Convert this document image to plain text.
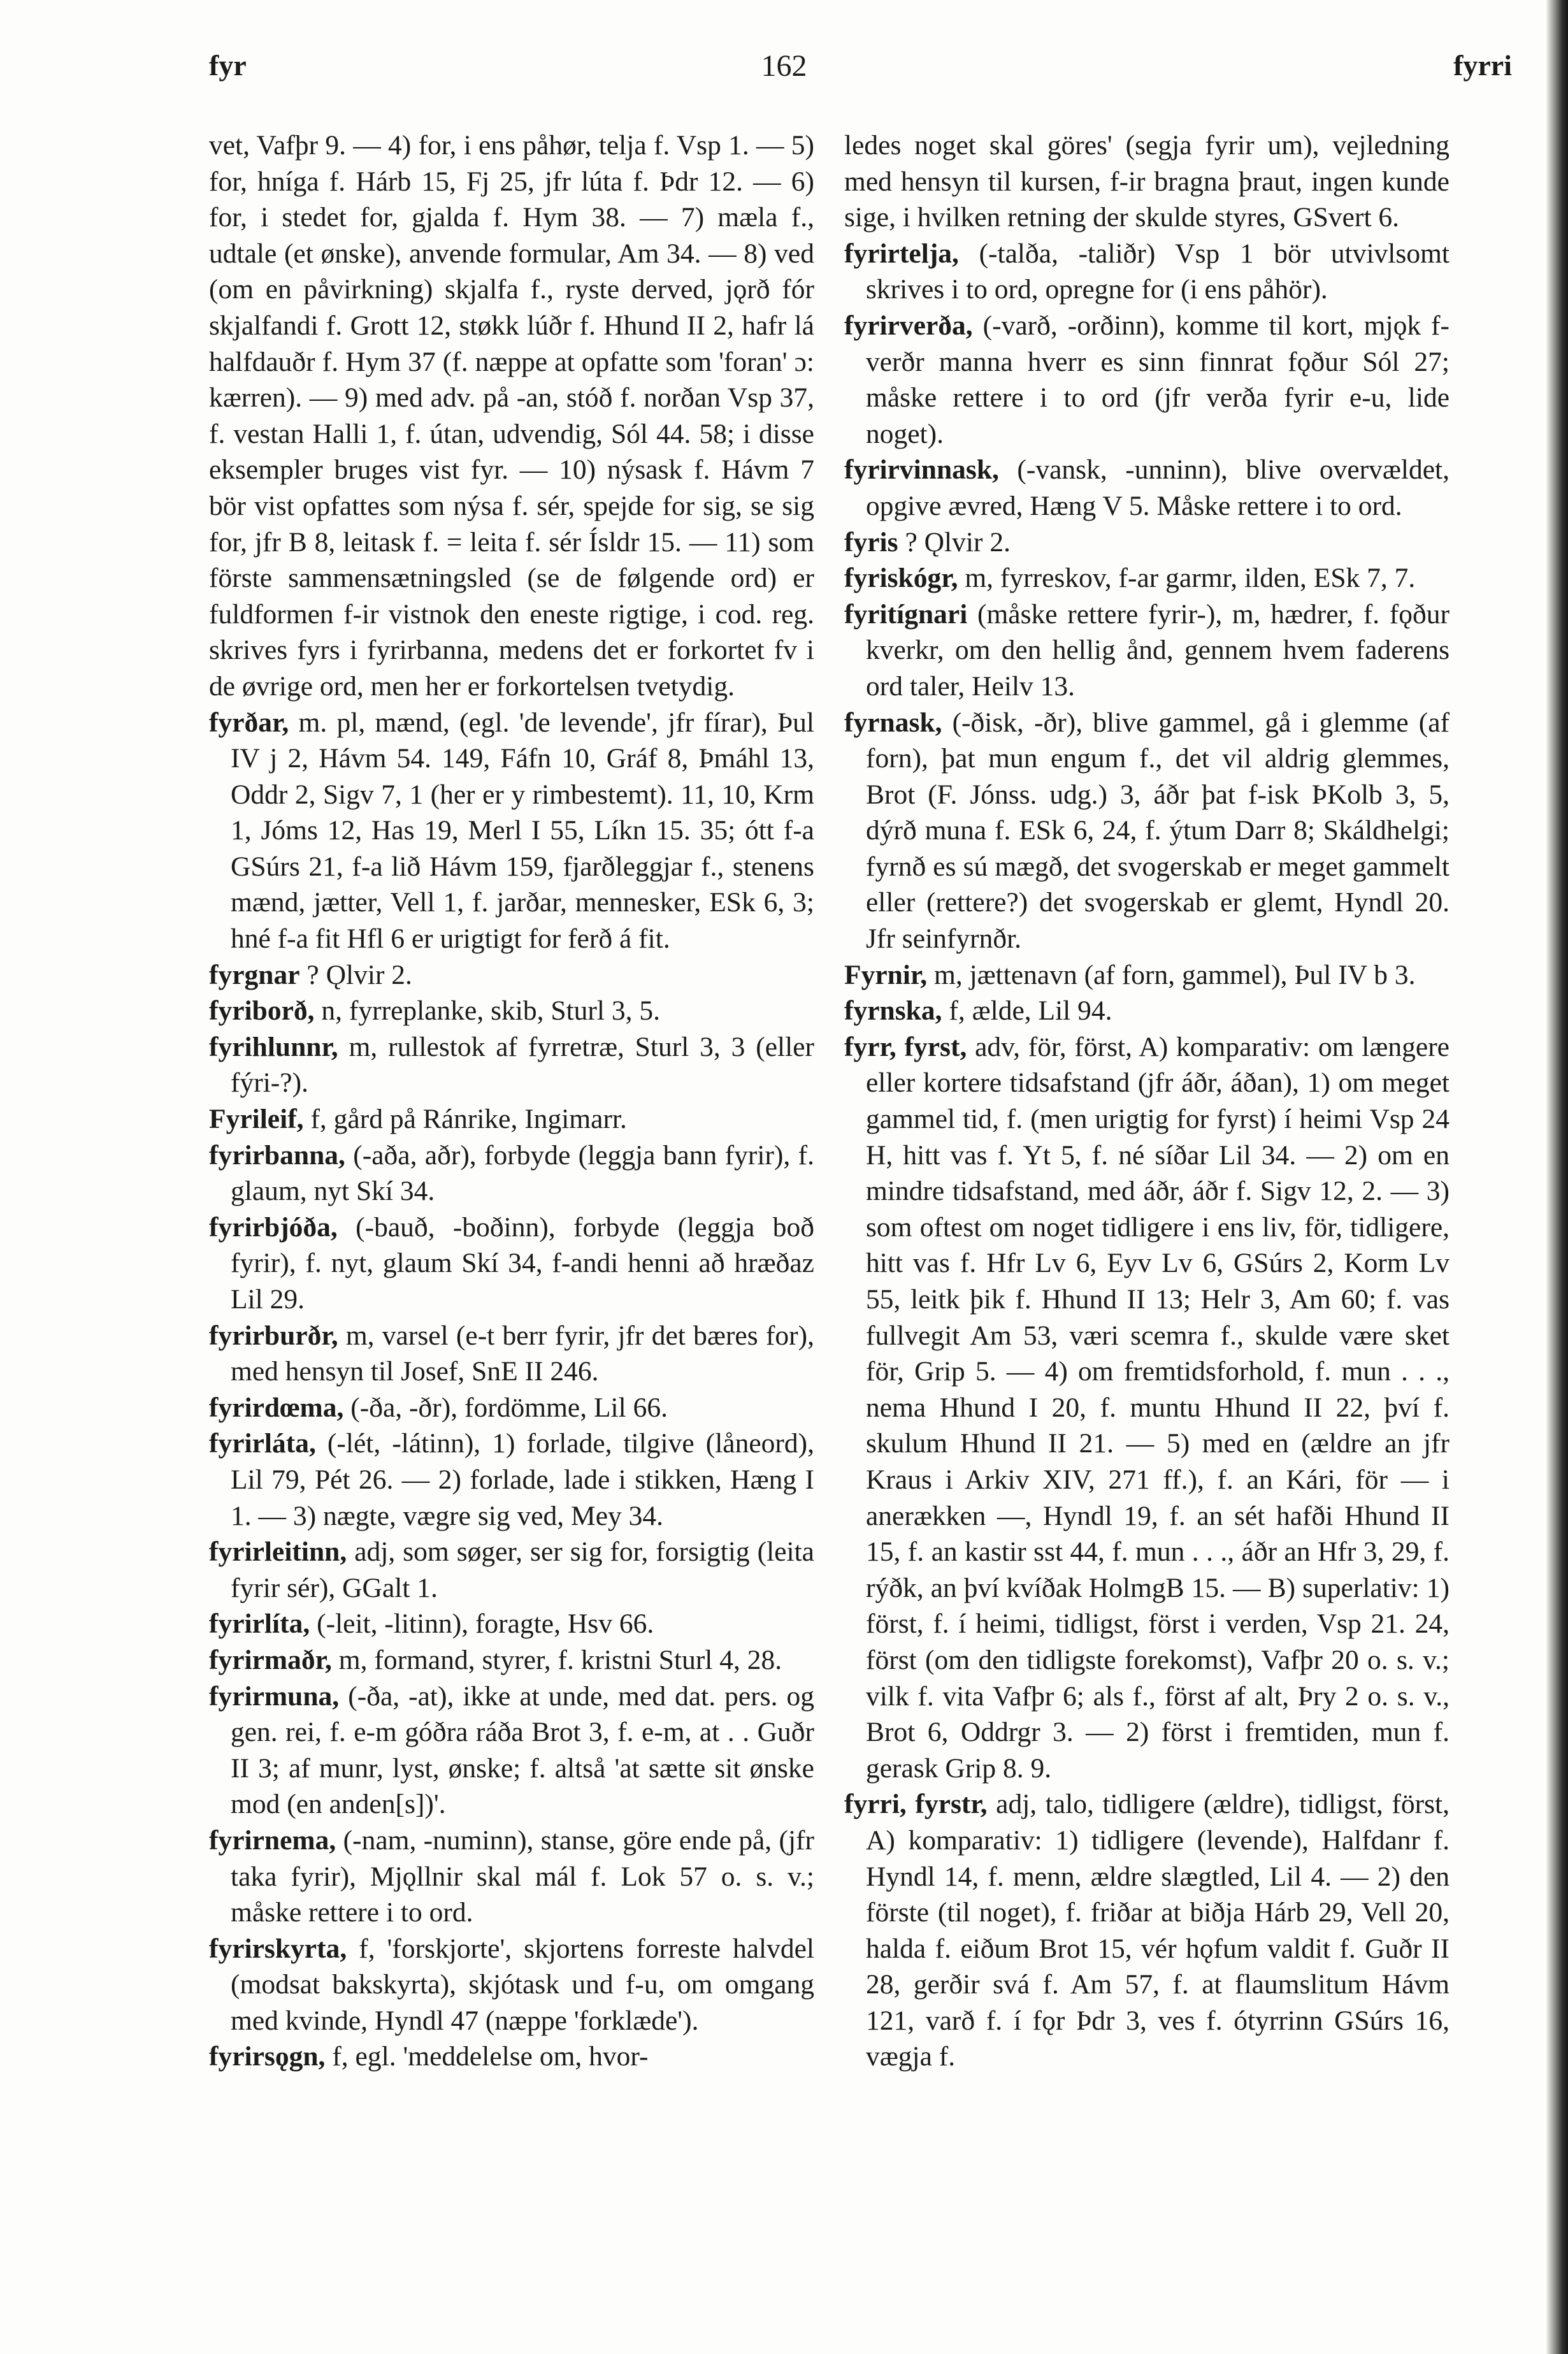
fyr	162	fyrri

vet, Vafþr 9. — 4) for, i ens påhør, telja f. Vsp 1. — 5) for, hníga f. Hárb 15, Fj 25, jfr lúta f. Þdr 12. — 6) for, i stedet for, gjalda f. Hym 38. — 7) mæla f., udtale (et ønske), anvende formular, Am 34. — 8) ved (om en påvirkning) skjalfa f., ryste derved, jǫrð fór skjalfandi f. Grott 12, støkk lúðr f. Hhund II 2, hafr lá halfdauðr f. Hym 37 (f. næppe at opfatte som 'foran' ɔ: kærren). — 9) med adv. på -an, stóð f. norðan Vsp 37, f. vestan Halli 1, f. útan, udvendig, Sól 44. 58; i disse eksempler bruges vist fyr. — 10) nýsask f. Hávm 7 bör vist opfattes som nýsa f. sér, spejde for sig, se sig for, jfr B 8, leitask f. = leita f. sér Ísldr 15. — 11) som förste sammensætningsled (se de følgende ord) er fuldformen f-ir vistnok den eneste rigtige, i cod. reg. skrives fyrs i fyrirbanna, medens det er forkortet fv i de øvrige ord, men her er forkortelsen tvetydig.

fyrðar, m. pl, mænd, (egl. 'de levende', jfr fírar), Þul IV j 2, Hávm 54. 149, Fáfn 10, Gráf 8, Þmáhl 13, Oddr 2, Sigv 7, 1 (her er y rimbestemt). 11, 10, Krm 1, Jóms 12, Has 19, Merl I 55, Líkn 15. 35; ótt f-a GSúrs 21, f-a lið Hávm 159, fjarðleggjar f., stenens mænd, jætter, Vell 1, f. jarðar, mennesker, ESk 6, 3; hné f-a fit Hfl 6 er urigtigt for ferð á fit.

fyrgnar ? Ǫlvir 2.

fyriborð, n, fyrreplanke, skib, Sturl 3, 5.

fyrihlunnr, m, rullestok af fyrretræ, Sturl 3, 3 (eller fýri-?).

Fyrileif, f, gård på Ránrike, Ingimarr.

fyrirbanna, (-aða, aðr), forbyde (leggja bann fyrir), f. glaum, nyt Skí 34.

fyrirbjóða, (-bauð, -boðinn), forbyde (leggja boð fyrir), f. nyt, glaum Skí 34, f-andi henni að hræðaz Lil 29.

fyrirburðr, m, varsel (e-t berr fyrir, jfr det bæres for), med hensyn til Josef, SnE II 246.

fyrirdœma, (-ða, -ðr), fordömme, Lil 66.

fyrirláta, (-lét, -látinn), 1) forlade, tilgive (låneord), Lil 79, Pét 26. — 2) forlade, lade i stikken, Hæng I 1. — 3) nægte, vægre sig ved, Mey 34.

fyrirleitinn, adj, som søger, ser sig for, forsigtig (leita fyrir sér), GGalt 1.

fyrirlíta, (-leit, -litinn), foragte, Hsv 66.

fyrirmaðr, m, formand, styrer, f. kristni Sturl 4, 28.

fyrirmuna, (-ða, -at), ikke at unde, med dat. pers. og gen. rei, f. e-m góðra ráða Brot 3, f. e-m, at . . Guðr II 3; af munr, lyst, ønske; f. altså 'at sætte sit ønske mod (en anden[s])'.

fyrirnema, (-nam, -numinn), stanse, göre ende på, (jfr taka fyrir), Mjǫllnir skal mál f. Lok 57 o. s. v.; måske rettere i to ord.

fyrirskyrta, f, 'forskjorte', skjortens forreste halvdel (modsat bakskyrta), skjótask und f-u, om omgang med kvinde, Hyndl 47 (næppe 'forklæde').

fyrirsǫgn, f, egl. 'meddelelse om, hvor-

ledes noget skal göres' (segja fyrir um), vejledning med hensyn til kursen, f-ir bragna þraut, ingen kunde sige, i hvilken retning der skulde styres, GSvert 6.

fyrirtelja, (-talða, -taliðr) Vsp 1 bör utvivlsomt skrives i to ord, opregne for (i ens påhör).

fyrirverða, (-varð, -orðinn), komme til kort, mjǫk f-verðr manna hverr es sinn finnrat fǫður Sól 27; måske rettere i to ord (jfr verða fyrir e-u, lide noget).

fyrirvinnask, (-vansk, -unninn), blive overvældet, opgive ævred, Hæng V 5. Måske rettere i to ord.

fyris ? Ǫlvir 2.

fyriskógr, m, fyrreskov, f-ar garmr, ilden, ESk 7, 7.

fyritígnari (måske rettere fyrir-), m, hædrer, f. fǫður kverkr, om den hellig ånd, gennem hvem faderens ord taler, Heilv 13.

fyrnask, (-ðisk, -ðr), blive gammel, gå i glemme (af forn), þat mun engum f., det vil aldrig glemmes, Brot (F. Jónss. udg.) 3, áðr þat f-isk ÞKolb 3, 5, dýrð muna f. ESk 6, 24, f. ýtum Darr 8; Skáldhelgi; fyrnð es sú mægð, det svogerskab er meget gammelt eller (rettere?) det svogerskab er glemt, Hyndl 20. Jfr seinfyrnðr.

Fyrnir, m, jættenavn (af forn, gammel), Þul IV b 3.

fyrnska, f, ælde, Lil 94.

fyrr, fyrst, adv, för, först, A) komparativ: om længere eller kortere tidsafstand (jfr áðr, áðan), 1) om meget gammel tid, f. (men urigtig for fyrst) í heimi Vsp 24 H, hitt vas f. Yt 5, f. né síðar Lil 34. — 2) om en mindre tidsafstand, med áðr, áðr f. Sigv 12, 2. — 3) som oftest om noget tidligere i ens liv, för, tidligere, hitt vas f. Hfr Lv 6, Eyv Lv 6, GSúrs 2, Korm Lv 55, leitk þik f. Hhund II 13; Helr 3, Am 60; f. vas fullvegit Am 53, væri scemra f., skulde være sket för, Grip 5. — 4) om fremtidsforhold, f. mun . . ., nema Hhund I 20, f. muntu Hhund II 22, því f. skulum Hhund II 21. — 5) med en (ældre an jfr Kraus i Arkiv XIV, 271 ff.), f. an Kári, för — i anerækken —, Hyndl 19, f. an sét hafði Hhund II 15, f. an kastir sst 44, f. mun . . ., áðr an Hfr 3, 29, f. rýðk, an því kvíðak HolmgB 15. — B) superlativ: 1) först, f. í heimi, tidligst, först i verden, Vsp 21. 24, först (om den tidligste forekomst), Vafþr 20 o. s. v.; vilk f. vita Vafþr 6; als f., först af alt, Þry 2 o. s. v., Brot 6, Oddrgr 3. — 2) först i fremtiden, mun f. gerask Grip 8. 9.

fyrri, fyrstr, adj, talo, tidligere (ældre), tidligst, först, A) komparativ: 1) tidligere (levende), Halfdanr f. Hyndl 14, f. menn, ældre slægtled, Lil 4. — 2) den förste (til noget), f. friðar at biðja Hárb 29, Vell 20, halda f. eiðum Brot 15, vér hǫfum valdit f. Guðr II 28, gerðir svá f. Am 57, f. at flaumslitum Hávm 121, varð f. í fǫr Þdr 3, ves f. ótyrrinn GSúrs 16, vægja f.
